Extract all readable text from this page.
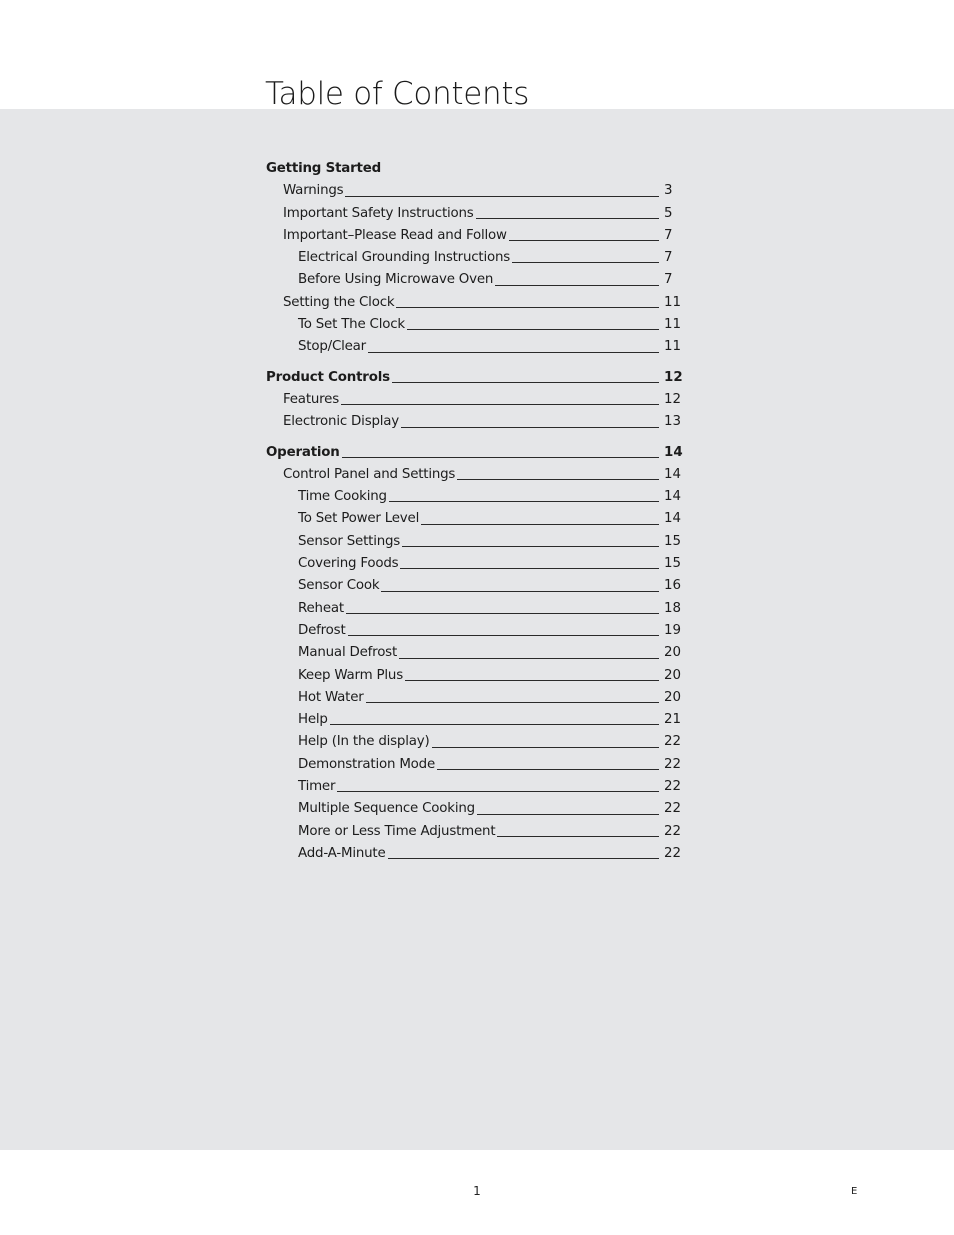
Table of Contents
Getting Started
Warnings	3
Important Safety Instructions	5
Important–Please Read and Follow	7
Electrical Grounding Instructions	7
Before Using Microwave Oven	7
Setting the Clock	11
To Set The Clock	11
Stop/Clear	11
Product Controls	12
Features	12
Electronic Display	13
Operation	14
Control Panel and Settings	14
Time Cooking	14
To Set Power Level	14
Sensor Settings	15
Covering Foods	15
Sensor Cook	16
Reheat	18
Defrost	19
Manual Defrost	20
Keep Warm Plus	20
Hot Water	20
Help	21
Help (In the display)	22
Demonstration Mode	22
Timer	22
Multiple Sequence Cooking	22
More or Less Time Adjustment	22
Add-A-Minute	22
1	E
